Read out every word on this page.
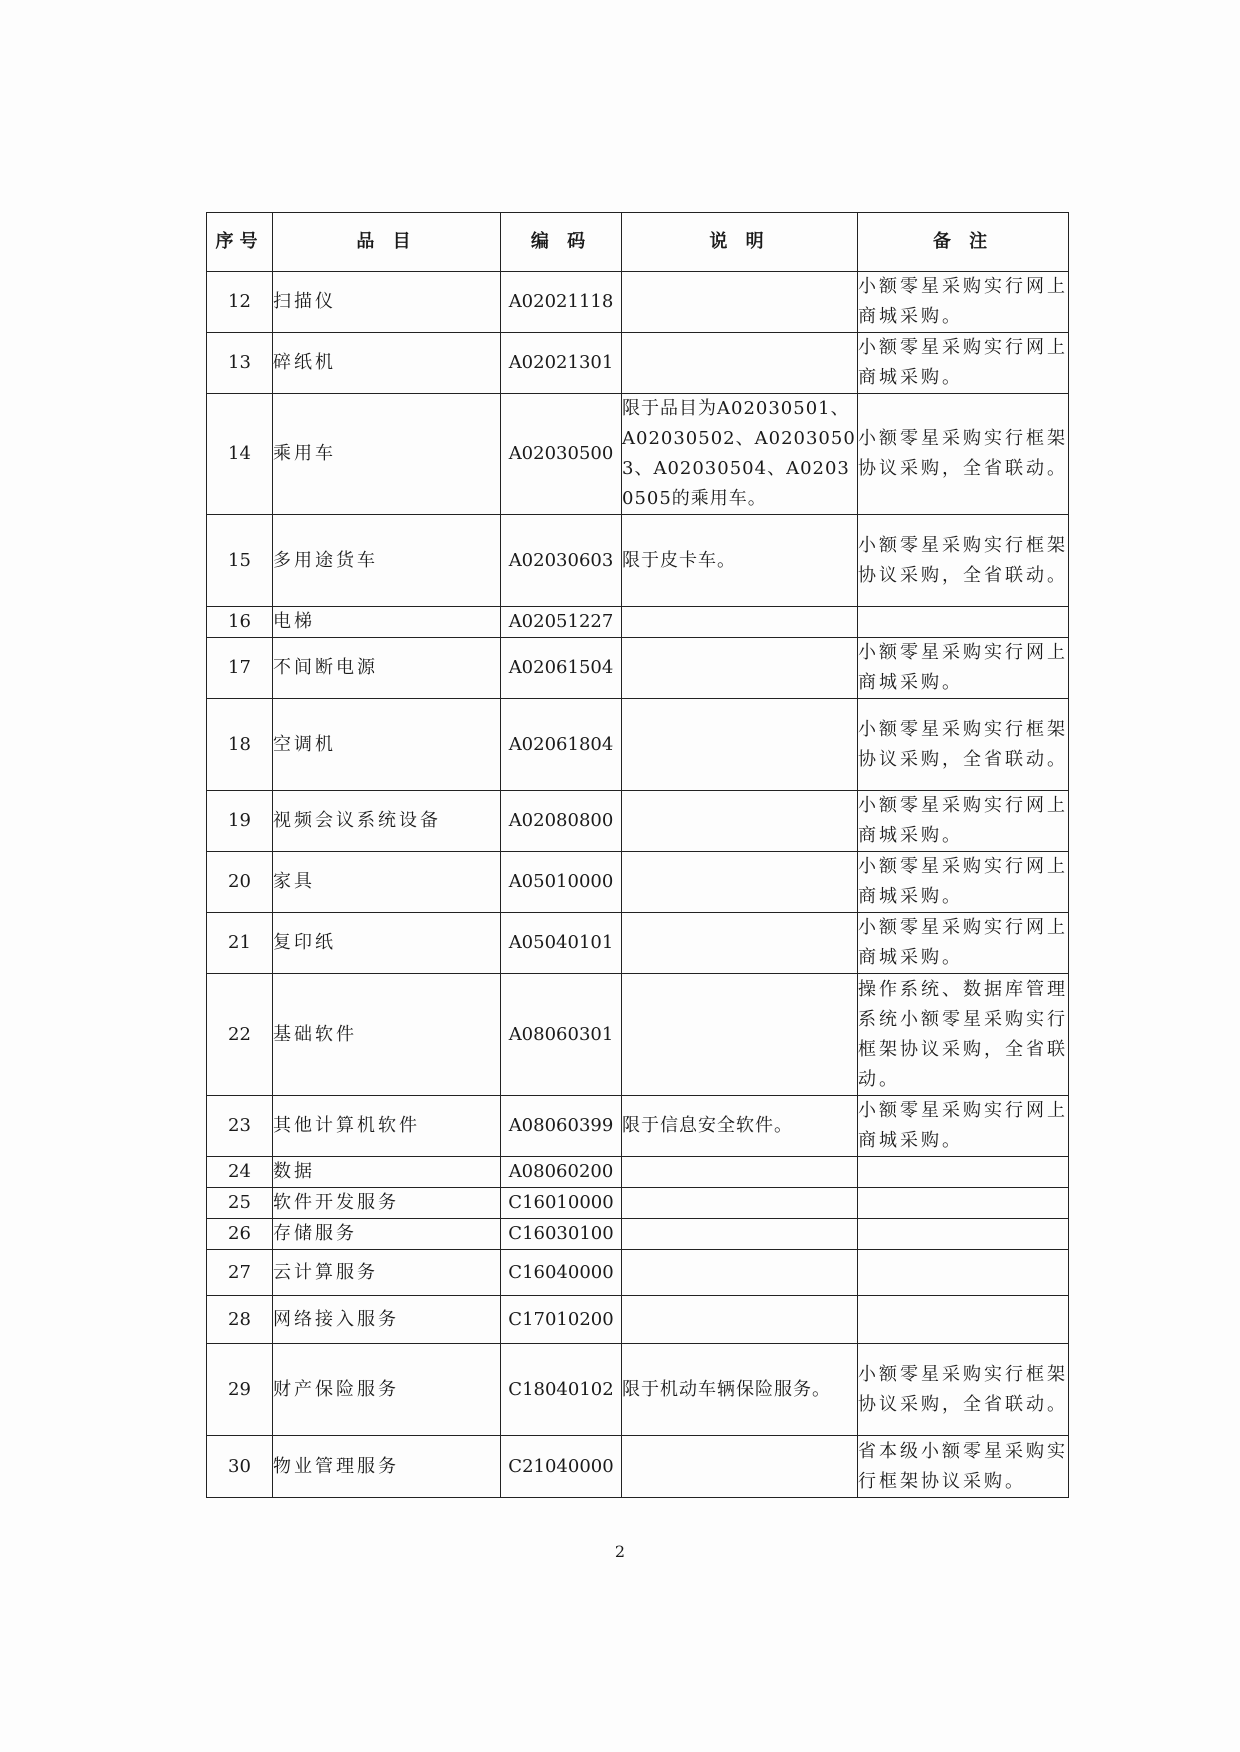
序号	品 目	编 码	说 明	备 注
12	扫描仪	A02021118		小额零星采购实行网上商城采购。
13	碎纸机	A02021301		小额零星采购实行网上商城采购。
14	乘用车	A02030500	限于品目为A02030501、A02030502、A02030503、A02030504、A02030505的乘用车。	小额零星采购实行框架协议采购，全省联动。
15	多用途货车	A02030603	限于皮卡车。	小额零星采购实行框架协议采购，全省联动。
16	电梯	A02051227		
17	不间断电源	A02061504		小额零星采购实行网上商城采购。
18	空调机	A02061804		小额零星采购实行框架协议采购，全省联动。
19	视频会议系统设备	A02080800		小额零星采购实行网上商城采购。
20	家具	A05010000		小额零星采购实行网上商城采购。
21	复印纸	A05040101		小额零星采购实行网上商城采购。
22	基础软件	A08060301		操作系统、数据库管理系统小额零星采购实行框架协议采购，全省联动。
23	其他计算机软件	A08060399	限于信息安全软件。	小额零星采购实行网上商城采购。
24	数据	A08060200		
25	软件开发服务	C16010000		
26	存储服务	C16030100		
27	云计算服务	C16040000		
28	网络接入服务	C17010200		
29	财产保险服务	C18040102	限于机动车辆保险服务。	小额零星采购实行框架协议采购，全省联动。
30	物业管理服务	C21040000		省本级小额零星采购实行框架协议采购。
2
